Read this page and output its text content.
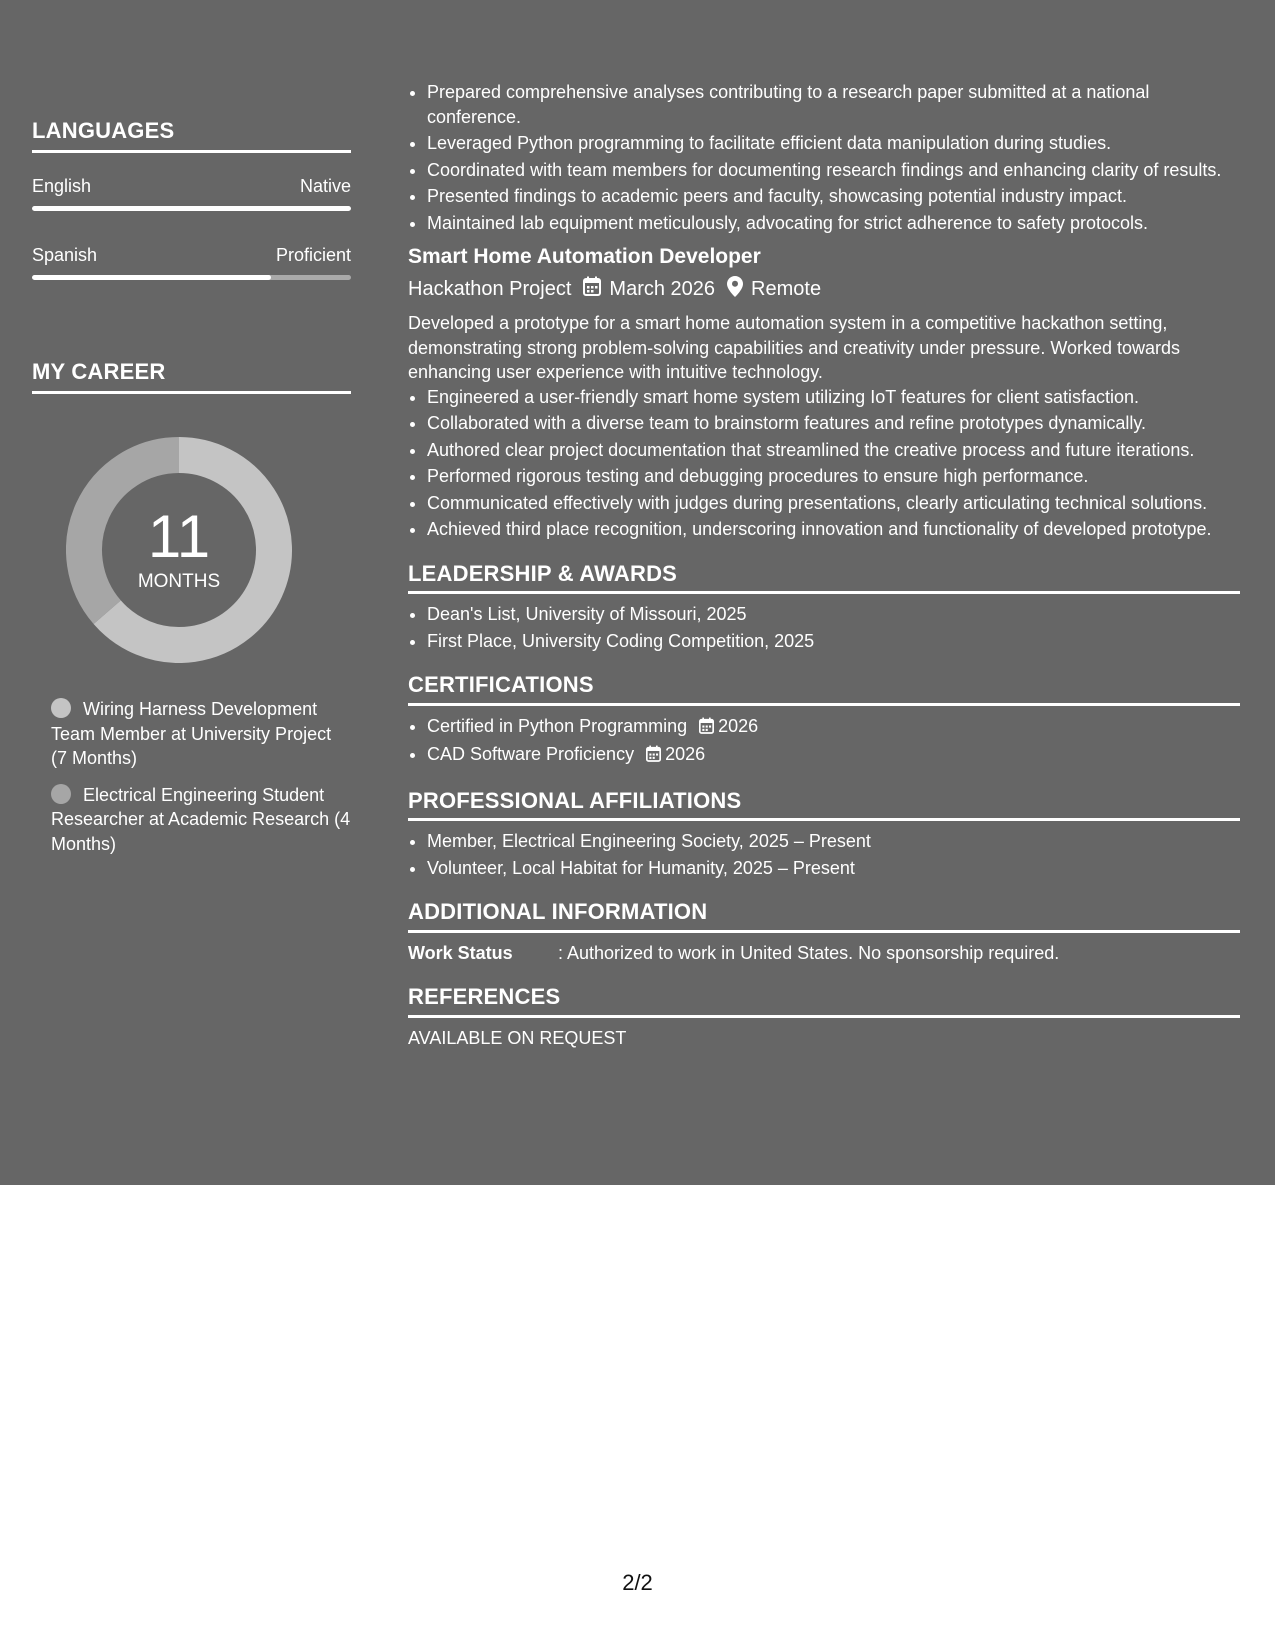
LANGUAGES
English	Native
Spanish	Proficient
MY CAREER
11
MONTHS
Wiring Harness Development Team Member at University Project (7 Months)
Electrical Engineering Student Researcher at Academic Research (4 Months)
• Prepared comprehensive analyses contributing to a research paper submitted at a national conference.
• Leveraged Python programming to facilitate efficient data manipulation during studies.
• Coordinated with team members for documenting research findings and enhancing clarity of results.
• Presented findings to academic peers and faculty, showcasing potential industry impact.
• Maintained lab equipment meticulously, advocating for strict adherence to safety protocols.
Smart Home Automation Developer
Hackathon Project March 2026 Remote

Developed a prototype for a smart home automation system in a competitive hackathon setting, demonstrating strong problem-solving capabilities and creativity under pressure. Worked towards enhancing user experience with intuitive technology.

• Engineered a user-friendly smart home system utilizing IoT features for client satisfaction.
• Collaborated with a diverse team to brainstorm features and refine prototypes dynamically.
• Authored clear project documentation that streamlined the creative process and future iterations.
• Performed rigorous testing and debugging procedures to ensure high performance.
• Communicated effectively with judges during presentations, clearly articulating technical solutions.
• Achieved third place recognition, underscoring innovation and functionality of developed prototype.
LEADERSHIP & AWARDS
• Dean's List, University of Missouri, 2025
• First Place, University Coding Competition, 2025
CERTIFICATIONS
• Certified in Python Programming 2026
• CAD Software Proficiency 2026
PROFESSIONAL AFFILIATIONS
• Member, Electrical Engineering Society, 2025 – Present
• Volunteer, Local Habitat for Humanity, 2025 – Present
ADDITIONAL INFORMATION
Work Status	: Authorized to work in United States. No sponsorship required.
REFERENCES
AVAILABLE ON REQUEST
2/2
